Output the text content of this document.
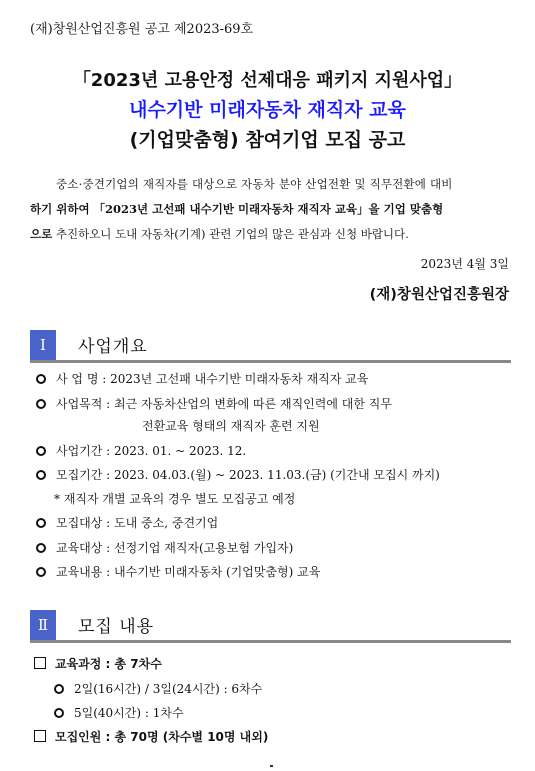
(재)창원산업진흥원 공고 제2023-69호
「2023년 고용안정 선제대응 패키지 지원사업」
내수기반 미래자동차 재직자 교육
(기업맞춤형) 참여기업 모집 공고

중소·중견기업의 재직자를 대상으로 자동차 분야 산업전환 및 직무전환에 대비

하기 위하여 「2023년 고선패 내수기반 미래자동차 재직자 교육」을 기업 맞춤형

으로 추진하오니 도내 자동차(기계) 관련 기업의 많은 관심과 신청 바랍니다.

2023년 4월 3일
(재)창원산업진흥원장
Ⅰ	사업개요
사 업 명 : 2023년 고선패 내수기반 미래자동차 재직자 교육
사업목적 : 최근 자동차산업의 변화에 따른 재직인력에 대한 직무
전환교육 형태의 재직자 훈련 지원
사업기간 : 2023. 01. ~ 2023. 12.
모집기간 : 2023. 04.03.(월) ~ 2023. 11.03.(금) (기간내 모집시 까지)
* 재직자 개별 교육의 경우 별도 모집공고 예정
모집대상 : 도내 중소, 중견기업
교육대상 : 선정기업 재직자(고용보험 가입자)
교육내용 : 내수기반 미래자동차 (기업맞춤형) 교육
Ⅱ	모집 내용
교육과정 : 총 7차수
2일(16시간) / 3일(24시간) : 6차수
5일(40시간) : 1차수
모집인원 : 총 70명 (차수별 10명 내외)
